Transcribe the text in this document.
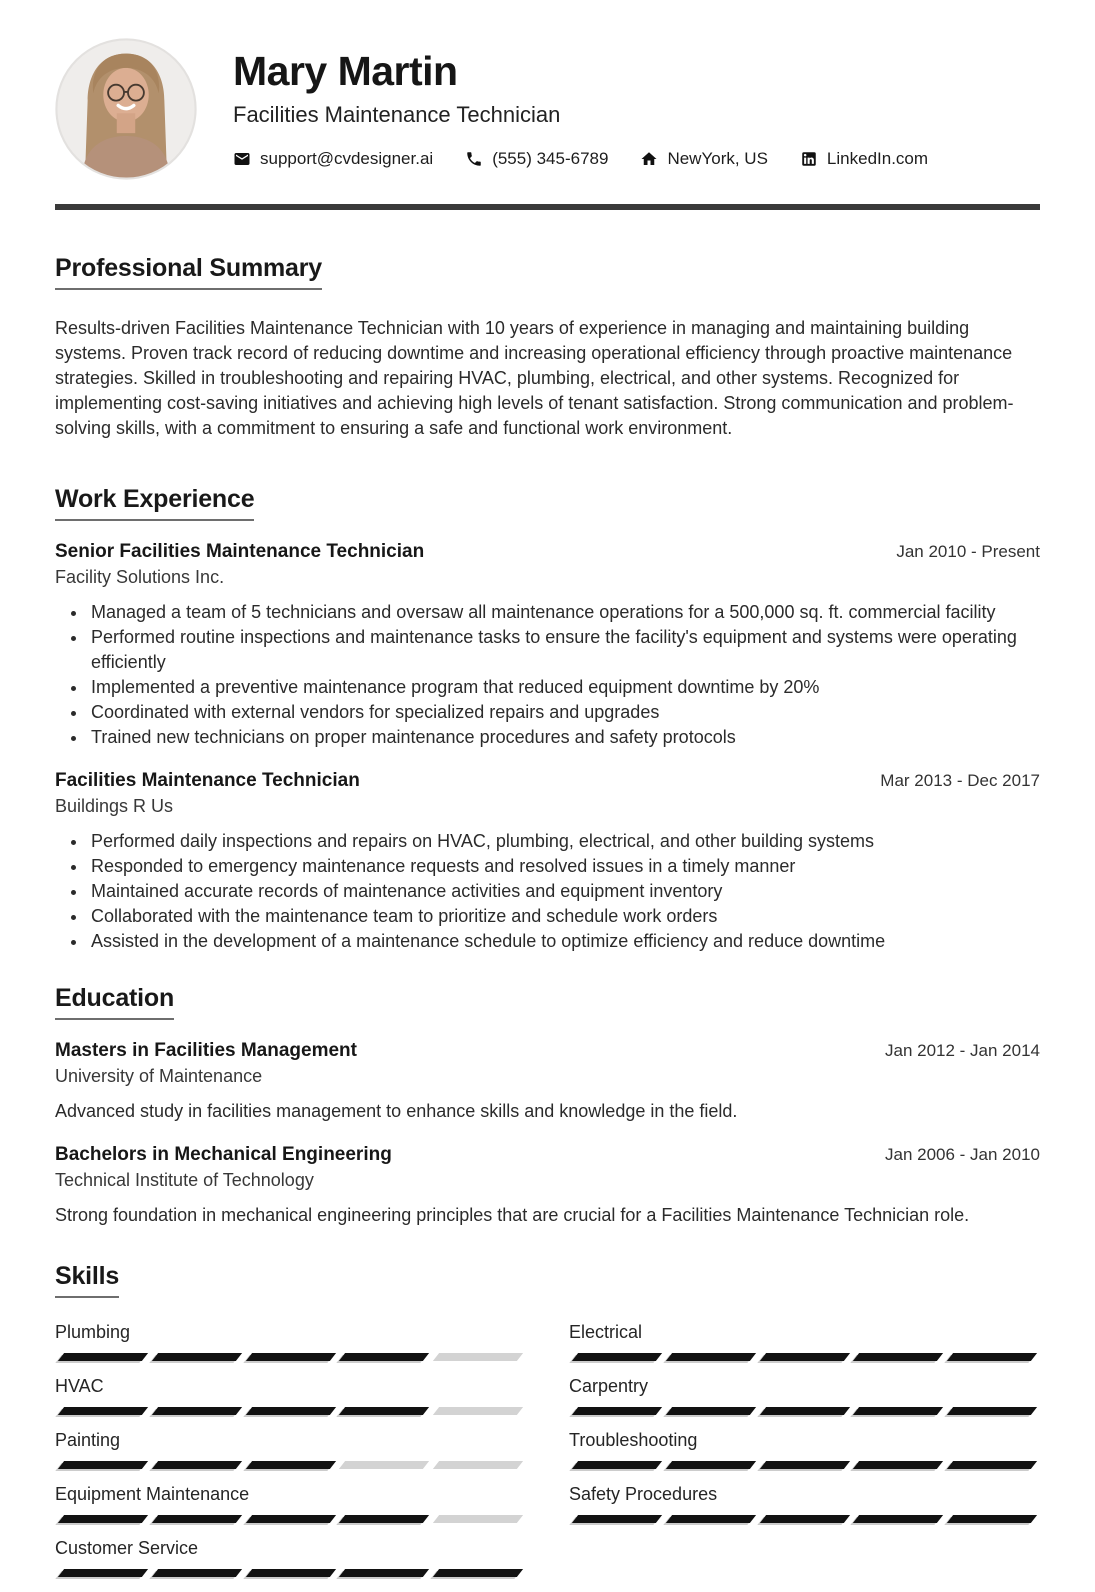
Mary Martin
Facilities Maintenance Technician
support@cvdesigner.ai	(555) 345-6789	NewYork, US	LinkedIn.com
Professional Summary

Results-driven Facilities Maintenance Technician with 10 years of experience in managing and maintaining building systems. Proven track record of reducing downtime and increasing operational efficiency through proactive maintenance strategies. Skilled in troubleshooting and repairing HVAC, plumbing, electrical, and other systems. Recognized for implementing cost-saving initiatives and achieving high levels of tenant satisfaction. Strong communication and problem-solving skills, with a commitment to ensuring a safe and functional work environment.

Work Experience
Senior Facilities Maintenance Technician	Jan 2010 - Present
Facility Solutions Inc.
• Managed a team of 5 technicians and oversaw all maintenance operations for a 500,000 sq. ft. commercial facility
• Performed routine inspections and maintenance tasks to ensure the facility's equipment and systems were operating efficiently
• Implemented a preventive maintenance program that reduced equipment downtime by 20%
• Coordinated with external vendors for specialized repairs and upgrades
• Trained new technicians on proper maintenance procedures and safety protocols
Facilities Maintenance Technician	Mar 2013 - Dec 2017
Buildings R Us
• Performed daily inspections and repairs on HVAC, plumbing, electrical, and other building systems
• Responded to emergency maintenance requests and resolved issues in a timely manner
• Maintained accurate records of maintenance activities and equipment inventory
• Collaborated with the maintenance team to prioritize and schedule work orders
• Assisted in the development of a maintenance schedule to optimize efficiency and reduce downtime
Education
Masters in Facilities Management	Jan 2012 - Jan 2014
University of Maintenance

Advanced study in facilities management to enhance skills and knowledge in the field.

Bachelors in Mechanical Engineering	Jan 2006 - Jan 2010
Technical Institute of Technology

Strong foundation in mechanical engineering principles that are crucial for a Facilities Maintenance Technician role.

Skills
Plumbing
HVAC
Painting
Equipment Maintenance
Customer Service
Electrical
Carpentry
Troubleshooting
Safety Procedures
